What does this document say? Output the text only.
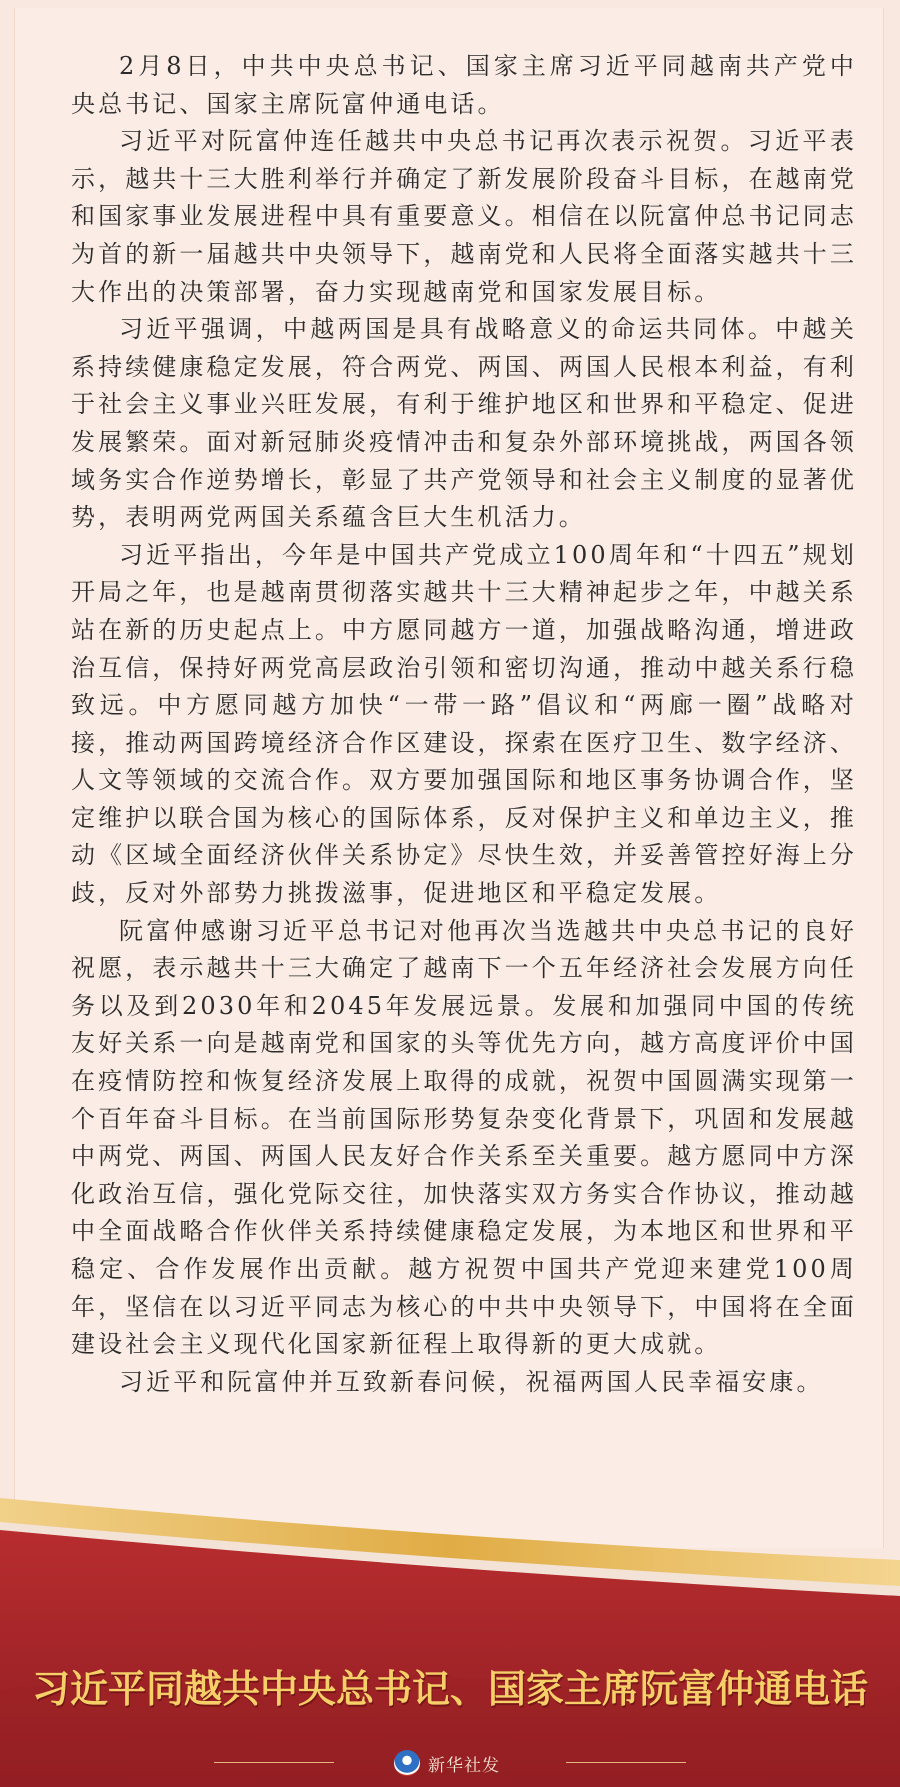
2月8日，中共中央总书记、国家主席习近平同越南共产党中央总书记、国家主席阮富仲通电话。

习近平对阮富仲连任越共中央总书记再次表示祝贺。习近平表示，越共十三大胜利举行并确定了新发展阶段奋斗目标，在越南党和国家事业发展进程中具有重要意义。相信在以阮富仲总书记同志为首的新一届越共中央领导下，越南党和人民将全面落实越共十三大作出的决策部署，奋力实现越南党和国家发展目标。

习近平强调，中越两国是具有战略意义的命运共同体。中越关系持续健康稳定发展，符合两党、两国、两国人民根本利益，有利于社会主义事业兴旺发展，有利于维护地区和世界和平稳定、促进发展繁荣。面对新冠肺炎疫情冲击和复杂外部环境挑战，两国各领域务实合作逆势增长，彰显了共产党领导和社会主义制度的显著优势，表明两党两国关系蕴含巨大生机活力。

习近平指出，今年是中国共产党成立100周年和“十四五”规划开局之年，也是越南贯彻落实越共十三大精神起步之年，中越关系站在新的历史起点上。中方愿同越方一道，加强战略沟通，增进政治互信，保持好两党高层政治引领和密切沟通，推动中越关系行稳致远。中方愿同越方加快“一带一路”倡议和“两廊一圈”战略对接，推动两国跨境经济合作区建设，探索在医疗卫生、数字经济、人文等领域的交流合作。双方要加强国际和地区事务协调合作，坚定维护以联合国为核心的国际体系，反对保护主义和单边主义，推动《区域全面经济伙伴关系协定》尽快生效，并妥善管控好海上分歧，反对外部势力挑拨滋事，促进地区和平稳定发展。

阮富仲感谢习近平总书记对他再次当选越共中央总书记的良好祝愿，表示越共十三大确定了越南下一个五年经济社会发展方向任务以及到2030年和2045年发展远景。发展和加强同中国的传统友好关系一向是越南党和国家的头等优先方向，越方高度评价中国在疫情防控和恢复经济发展上取得的成就，祝贺中国圆满实现第一个百年奋斗目标。在当前国际形势复杂变化背景下，巩固和发展越中两党、两国、两国人民友好合作关系至关重要。越方愿同中方深化政治互信，强化党际交往，加快落实双方务实合作协议，推动越中全面战略合作伙伴关系持续健康稳定发展，为本地区和世界和平稳定、合作发展作出贡献。越方祝贺中国共产党迎来建党100周年，坚信在以习近平同志为核心的中共中央领导下，中国将在全面建设社会主义现代化国家新征程上取得新的更大成就。

习近平和阮富仲并互致新春问候，祝福两国人民幸福安康。

习近平同越共中央总书记、国家主席阮富仲通电话
新华社发
